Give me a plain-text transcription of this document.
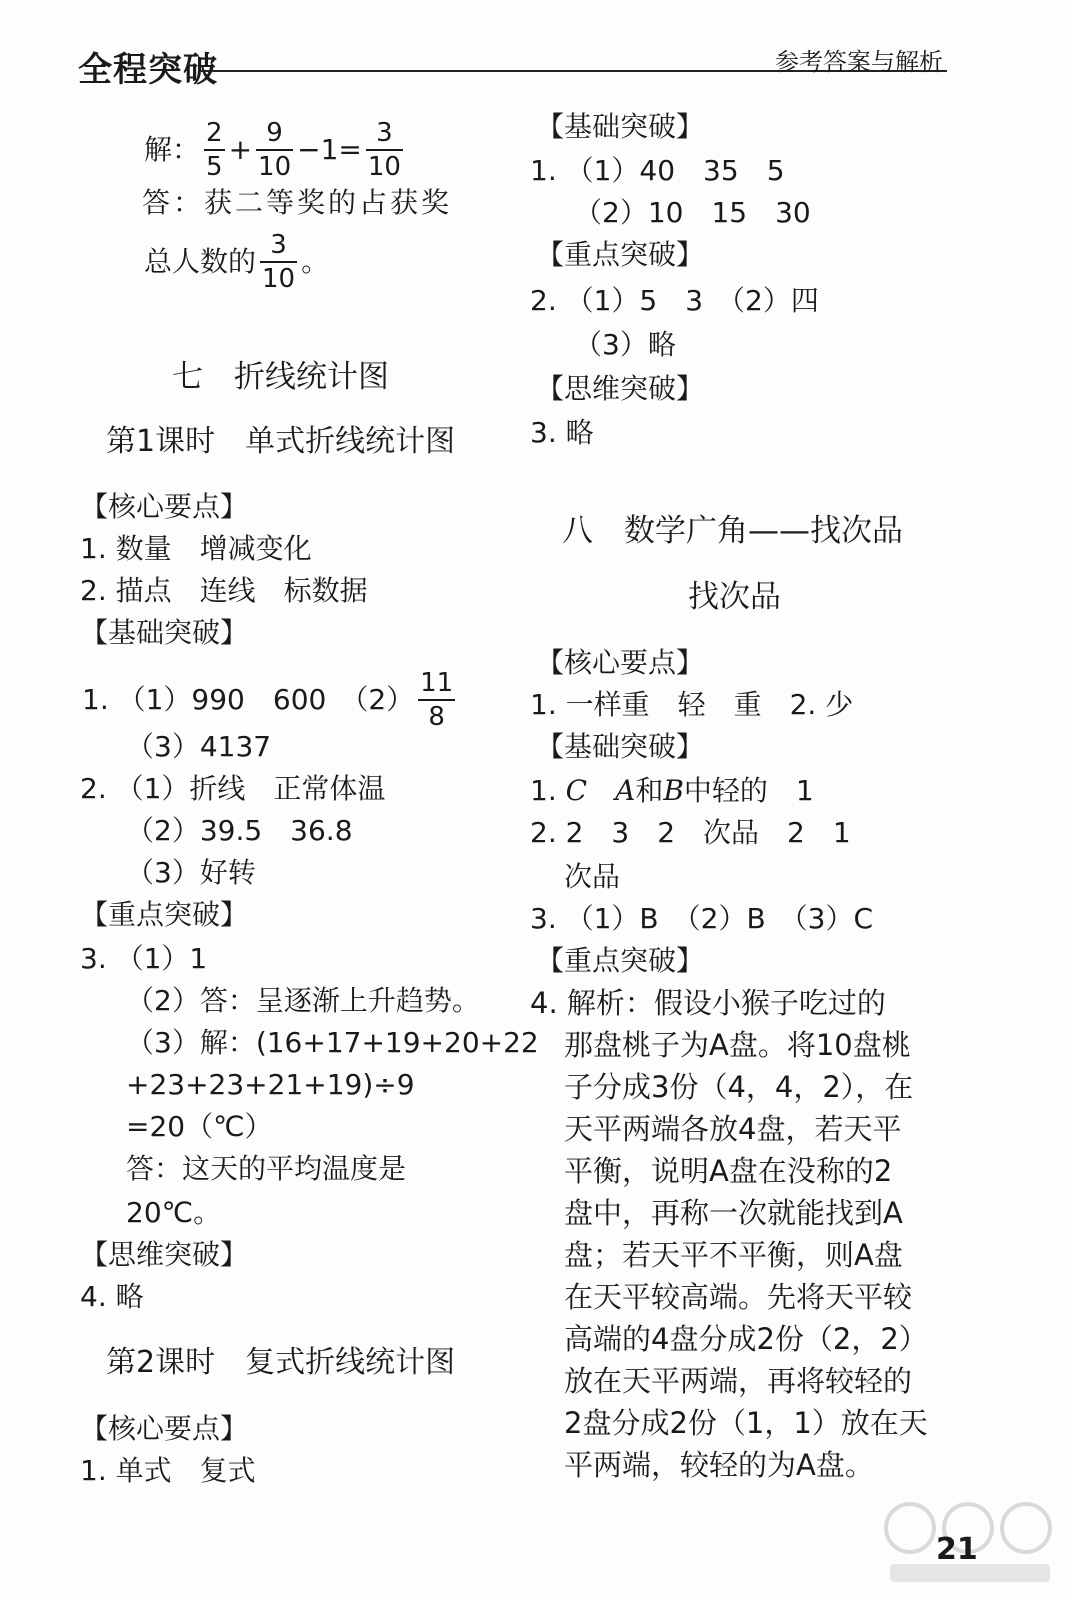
全程突破	参考答案与解析
解： $\frac{2}{5} + \frac{9}{10} -1= \frac{3}{10}$
答：获二等奖的占获奖
总人数的 $\frac{3}{10}$ 。
七　折线统计图
第1课时　单式折线统计图
【核心要点】
1. 数量　增减变化
2. 描点　连线　标数据
【基础突破】
1. （1）990　600　$(2) \frac{11}{8}$
（3）4137
2. （1）折线　正常体温
（2）39.5　36.8
（3）好转
【重点突破】
3. （1）1
（2）答：呈逐渐上升趋势。
（3）解：(16+17+19+20+22
+23+23+21+19)÷9
=20（℃）
答：这天的平均温度是
20℃。
【思维突破】
4. 略
第2课时　复式折线统计图
【核心要点】
1. 单式　复式
【基础突破】
1. （1）40　35　5
（2）10　15　30
【重点突破】
2. （1）5　3　（2）四
（3）略
【思维突破】
3. 略
八　数学广角——找次品
找次品
【核心要点】
1. 一样重　轻　重　2. 少
【基础突破】
1. C　 A和B中轻的　1
2. 2　3　2　次品　2　1
次品
3. （1）B　（2）B　（3）C
【重点突破】
4. 解析：假设小猴子吃过的
那盘桃子为A盘。将10盘桃
子分成3份（4，4，2），在
天平两端各放4盘，若天平
平衡，说明A盘在没称的2
盘中，再称一次就能找到A
盘；若天平不平衡，则A盘
在天平较高端。先将天平较
高端的4盘分成2份（2，2）
放在天平两端，再将较轻的
2盘分成2份（1，1）放在天
平两端，较轻的为A盘。
21
